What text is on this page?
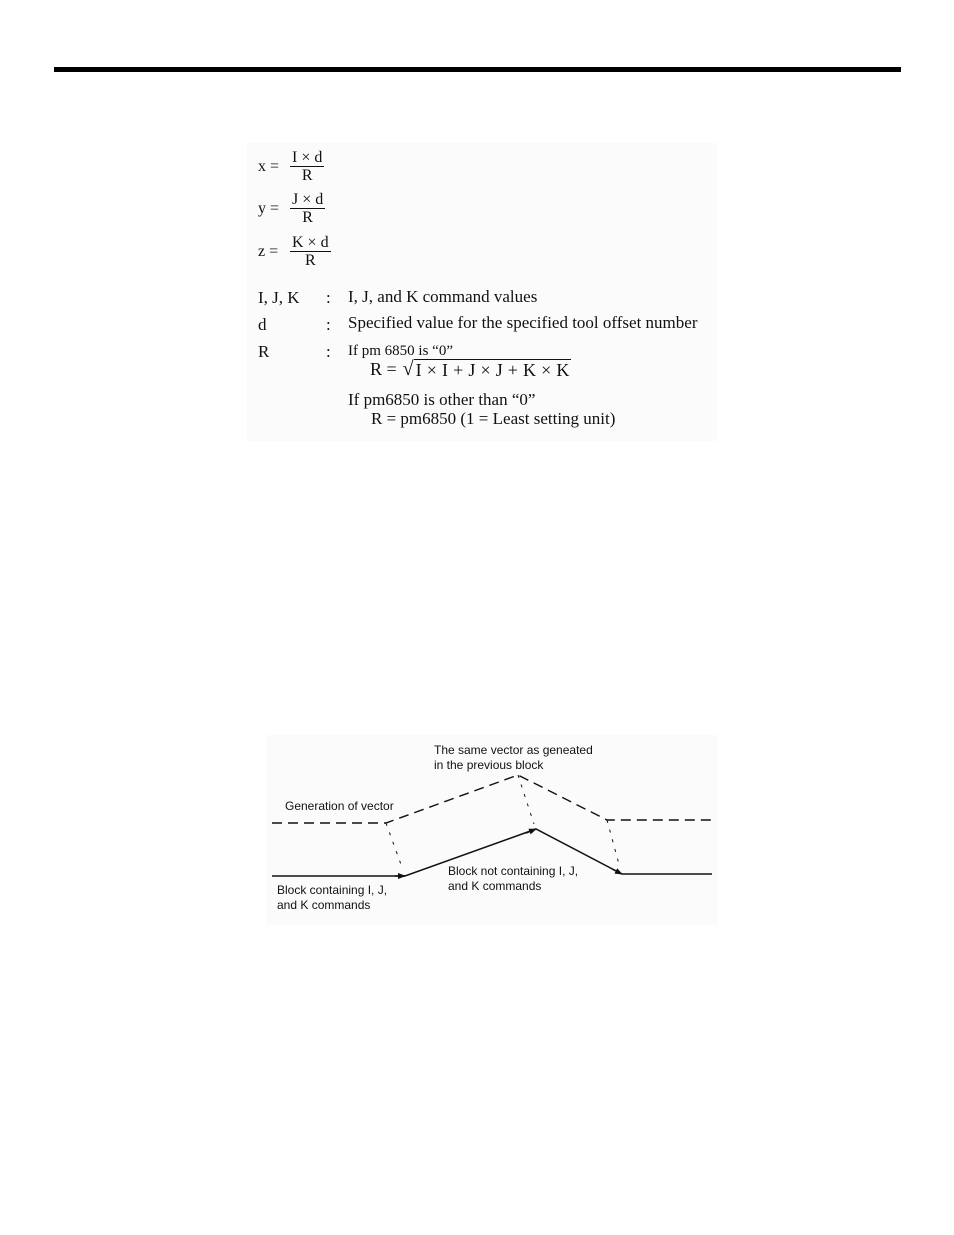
$x = \frac{I \times d}{R}$
$y = \frac{J \times d}{R}$
$z = \frac{K \times d}{R}$
I, J, K : I, J, and K command values
d	: Specified value for the specified tool offset number
R	: If pm 6850 is “0”
R = √ I × I + J × J + K × K
If pm6850 is other than “0”
R = pm6850 (1 = Least setting unit)
The same vector as geneated
in the previous block
Generation of vector
Block not containing I, J,
and K commands
Block containing I, J,
and K commands
